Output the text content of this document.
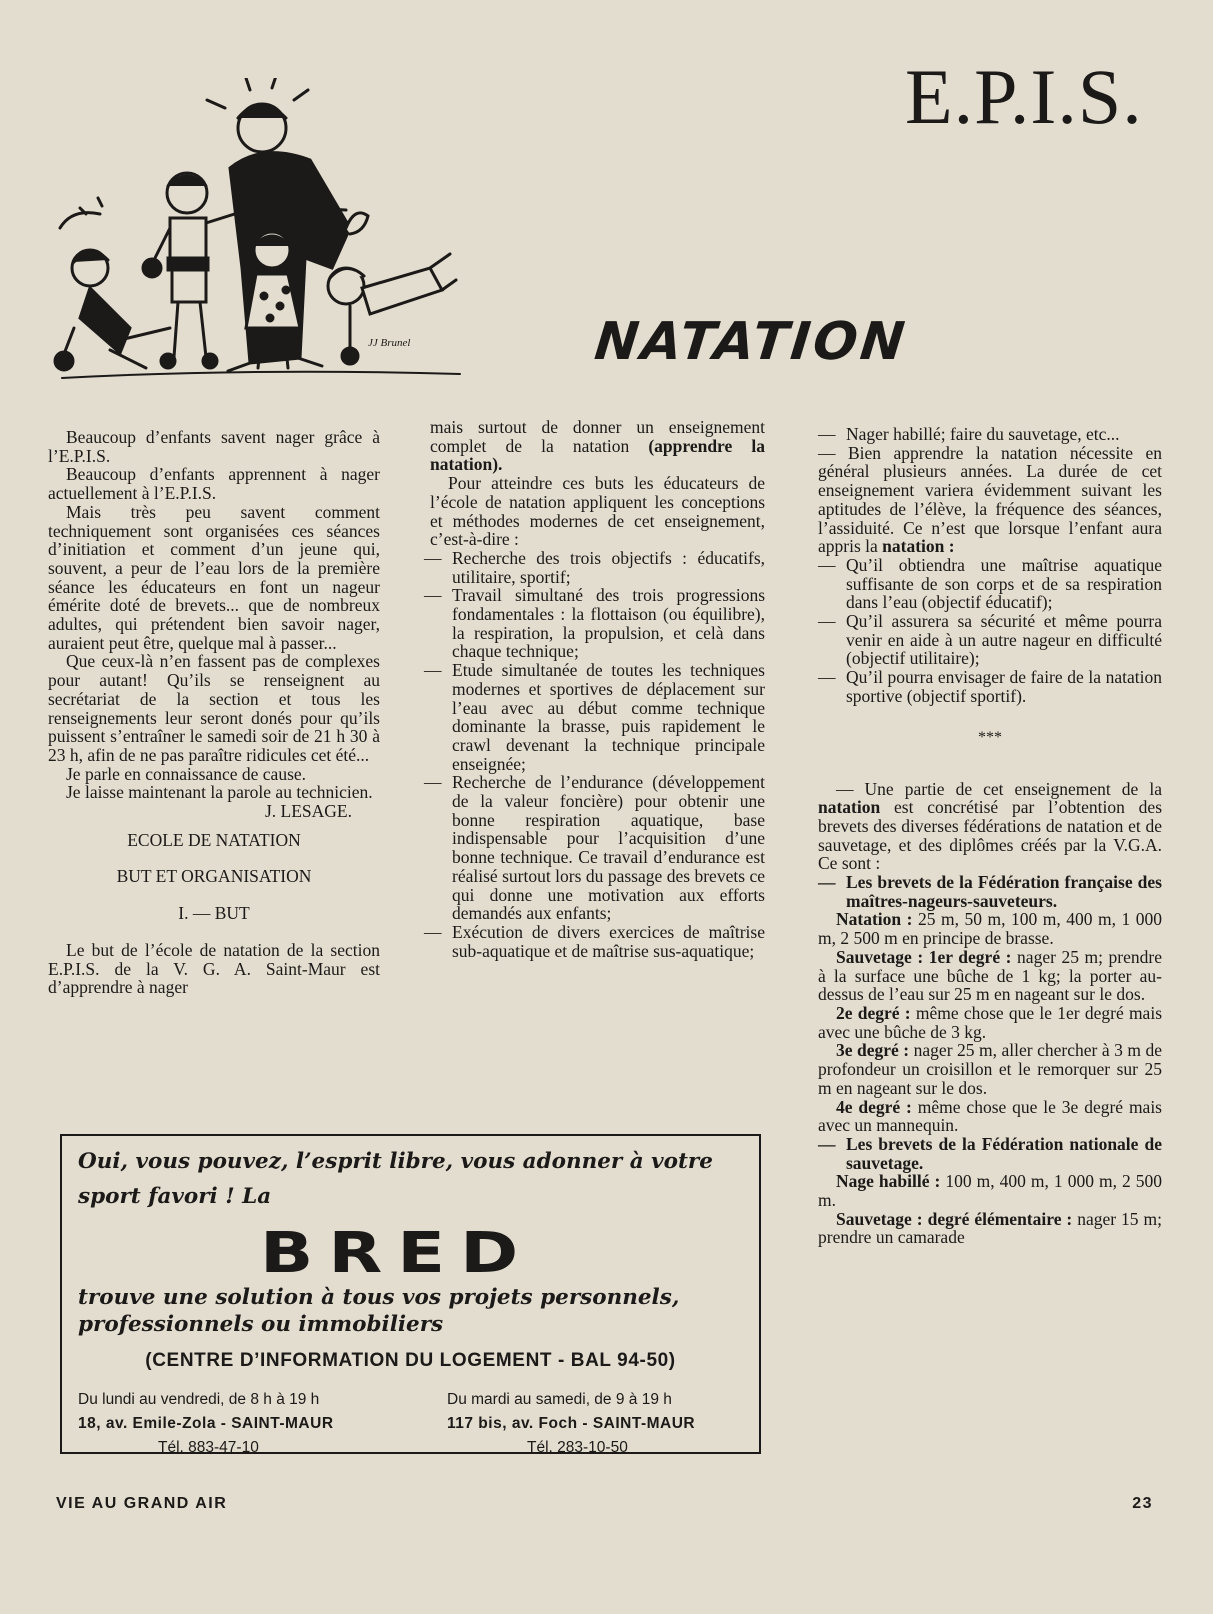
E.P.I.S.
JJ Brunel	NATATION

Beaucoup d’enfants savent nager grâce à l’E.P.I.S.

Beaucoup d’enfants apprennent à nager actuellement à l’E.P.I.S.

Mais très peu savent comment techniquement sont organisées ces séances d’initiation et comment d’un jeune qui, souvent, a peur de l’eau lors de la première séance les éducateurs en font un nageur émérite doté de brevets... que de nombreux adultes, qui prétendent bien savoir nager, auraient peut être, quelque mal à passer...

Que ceux-là n’en fassent pas de complexes pour autant! Qu’ils se renseignent au secrétariat de la section et tous les renseignements leur seront donés pour qu’ils puissent s’entraîner le samedi soir de 21 h 30 à 23 h, afin de ne pas paraître ridicules cet été...

Je parle en connaissance de cause.

Je laisse maintenant la parole au technicien.

J. LESAGE.

ECOLE DE NATATION

BUT ET ORGANISATION

I. — BUT

Le but de l’école de natation de la section E.P.I.S. de la V. G. A. Saint-Maur est d’apprendre à nager

mais surtout de donner un enseignement complet de la natation (apprendre la natation).

Pour atteindre ces buts les éducateurs de l’école de natation appliquent les conceptions et méthodes modernes de cet enseignement, c’est-à-dire :

— Recherche des trois objectifs : éducatifs, utilitaire, sportif;

— Travail simultané des trois progressions fondamentales : la flottaison (ou équilibre), la respiration, la propulsion, et celà dans chaque technique;

— Etude simultanée de toutes les techniques modernes et sportives de déplacement sur l’eau avec au début comme technique dominante la brasse, puis rapidement le crawl devenant la technique principale enseignée;

— Recherche de l’endurance (développement de la valeur foncière) pour obtenir une bonne respiration aquatique, base indispensable pour l’acquisition d’une bonne technique. Ce travail d’endurance est réalisé surtout lors du passage des brevets ce qui donne une motivation aux efforts demandés aux enfants;

— Exécution de divers exercices de maîtrise sub-aquatique et de maîtrise sus-aquatique;

— Nager habillé; faire du sauvetage, etc...

— Bien apprendre la natation nécessite en général plusieurs années. La durée de cet enseignement variera évidemment suivant les aptitudes de l’élève, la fréquence des séances, l’assiduité. Ce n’est que lorsque l’enfant aura appris la natation :

— Qu’il obtiendra une maîtrise aquatique suffisante de son corps et de sa respiration dans l’eau (objectif éducatif);

— Qu’il assurera sa sécurité et même pourra venir en aide à un autre nageur en difficulté (objectif utilitaire);

— Qu’il pourra envisager de faire de la natation sportive (objectif sportif).

***

— Une partie de cet enseignement de la natation est concrétisé par l’obtention des brevets des diverses fédérations de natation et de sauvetage, et des diplômes créés par la V.G.A. Ce sont :

— Les brevets de la Fédération française des maîtres-nageurs-sauveteurs.

Natation : 25 m, 50 m, 100 m, 400 m, 1 000 m, 2 500 m en principe de brasse.

Sauvetage : 1er degré : nager 25 m; prendre à la surface une bûche de 1 kg; la porter au-dessus de l’eau sur 25 m en nageant sur le dos.

2e degré : même chose que le 1er degré mais avec une bûche de 3 kg.

3e degré : nager 25 m, aller chercher à 3 m de profondeur un croisillon et le remorquer sur 25 m en nageant sur le dos.

4e degré : même chose que le 3e degré mais avec un mannequin.

— Les brevets de la Fédération nationale de sauvetage.

Nage habillé : 100 m, 400 m, 1 000 m, 2 500 m.

Sauvetage : degré élémentaire : nager 15 m; prendre un camarade

Oui, vous pouvez, l’esprit libre, vous adonner à votre

sport favori ! La

BRED

trouve une solution à tous vos projets personnels,

professionnels ou immobiliers

(CENTRE D’INFORMATION DU LOGEMENT - BAL 94-50)

Du lundi au vendredi, de 8 h à 19 h

18, av. Emile-Zola - SAINT-MAUR

Tél. 883-47-10

Du mardi au samedi, de 9 à 19 h

117 bis, av. Foch - SAINT-MAUR

Tél. 283-10-50

VIE AU GRAND AIR	23
